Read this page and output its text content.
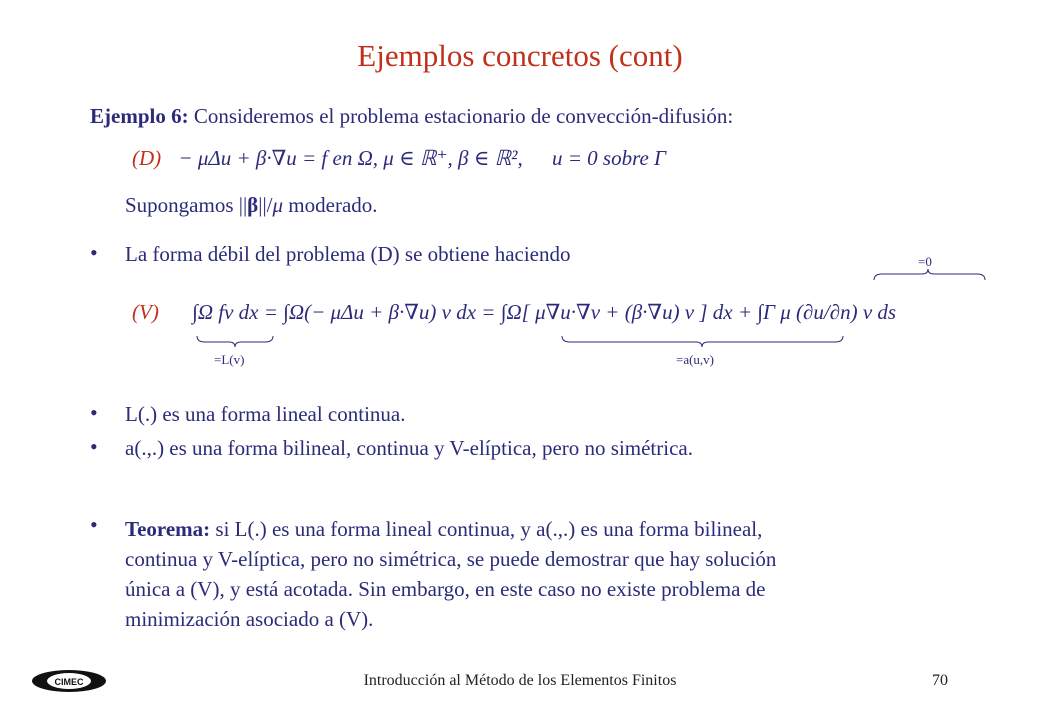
Ejemplos concretos (cont)
Ejemplo 6: Consideremos el problema estacionario de convección-difusión:
(D) − μΔu + β·∇u = f en Ω, μ ∈ ℝ⁺, β ∈ ℝ², u = 0 sobre Γ
Supongamos ||β||/μ moderado.
• La forma débil del problema (D) se obtiene haciendo
(V) ∫Ω fv dx = ∫Ω(− μΔu + β·∇u) v dx = ∫Ω[ μ∇u·∇v + (β·∇u) v ] dx + ∫Γ μ (∂u/∂n) v ds
=L(v)	=a(u,v)
=0
• L(.) es una forma lineal continua.
• a(.,.) es una forma bilineal, continua y V-elíptica, pero no simétrica.
• Teorema: si L(.) es una forma lineal continua, y a(.,.) es una forma bilineal,
continua y V-elíptica, pero no simétrica, se puede demostrar que hay solución
única a (V), y está acotada. Sin embargo, en este caso no existe problema de
minimización asociado a (V).
CIMEC	Introducción al Método de los Elementos Finitos	70
